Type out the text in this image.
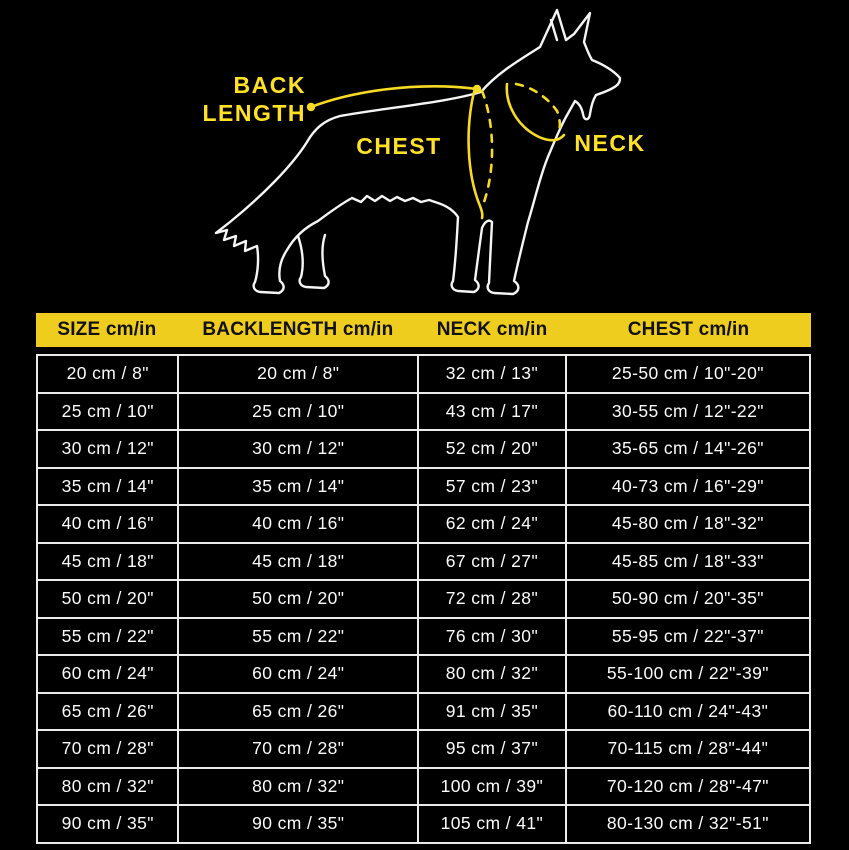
BACK
LENGTH
CHEST	NECK
SIZE cm/in	BACKLENGTH cm/in	NECK cm/in	CHEST cm/in
20 cm / 8"	20 cm / 8"	32 cm / 13"	25-50 cm / 10"-20"
25 cm / 10"	25 cm / 10"	43 cm / 17"	30-55 cm / 12"-22"
30 cm / 12"	30 cm / 12"	52 cm / 20"	35-65 cm / 14"-26"
35 cm / 14"	35 cm / 14"	57 cm / 23"	40-73 cm / 16"-29"
40 cm / 16"	40 cm / 16"	62 cm / 24"	45-80 cm / 18"-32"
45 cm / 18"	45 cm / 18"	67 cm / 27"	45-85 cm / 18"-33"
50 cm / 20"	50 cm / 20"	72 cm / 28"	50-90 cm / 20"-35"
55 cm / 22"	55 cm / 22"	76 cm / 30"	55-95 cm / 22"-37"
60 cm / 24"	60 cm / 24"	80 cm / 32"	55-100 cm / 22"-39"
65 cm / 26"	65 cm / 26"	91 cm / 35"	60-110 cm / 24"-43"
70 cm / 28"	70 cm / 28"	95 cm / 37"	70-115 cm / 28"-44"
80 cm / 32"	80 cm / 32"	100 cm / 39"	70-120 cm / 28"-47"
90 cm / 35"	90 cm / 35"	105 cm / 41"	80-130 cm / 32"-51"
